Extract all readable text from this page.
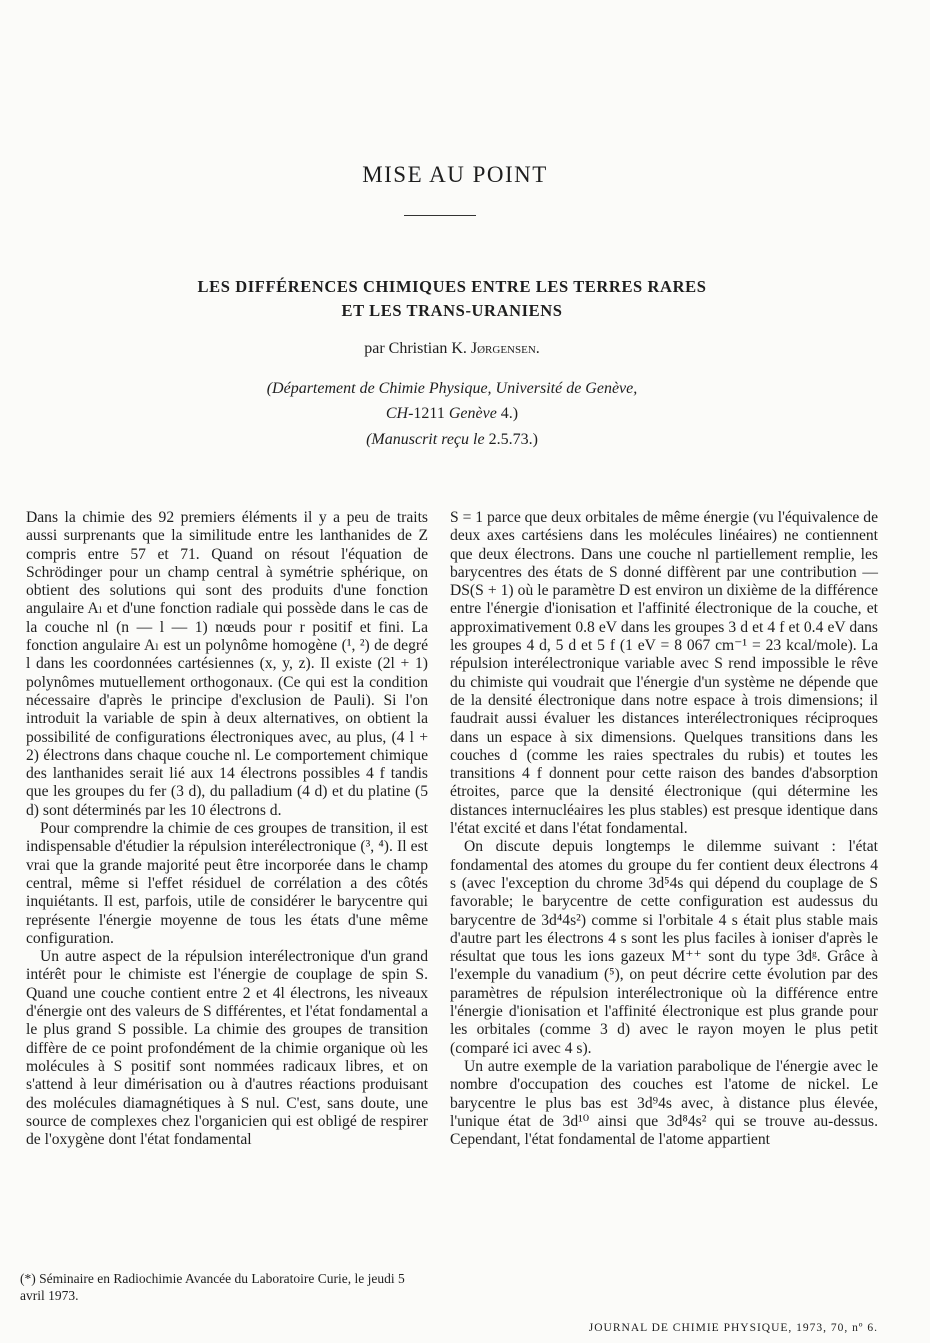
MISE AU POINT
LES DIFFÉRENCES CHIMIQUES ENTRE LES TERRES RARES
ET LES TRANS-URANIENS
par Christian K. Jørgensen.
(Département de Chimie Physique, Université de Genève,
CH-1211 Genève 4.)
(Manuscrit reçu le 2.5.73.)

Dans la chimie des 92 premiers éléments il y a peu de traits aussi surprenants que la similitude entre les lanthanides de Z compris entre 57 et 71. Quand on résout l'équation de Schrödinger pour un champ central à symétrie sphérique, on obtient des solutions qui sont des produits d'une fonction angulaire Aₗ et d'une fonction radiale qui possède dans le cas de la couche nl (n — l — 1) nœuds pour r positif et fini. La fonction angulaire Aₗ est un polynôme homogène (¹, ²) de degré l dans les coordonnées cartésiennes (x, y, z). Il existe (2l + 1) polynômes mutuellement orthogonaux. (Ce qui est la condition nécessaire d'après le principe d'exclusion de Pauli). Si l'on introduit la variable de spin à deux alternatives, on obtient la possibilité de configurations électroniques avec, au plus, (4 l + 2) électrons dans chaque couche nl. Le comportement chimique des lanthanides serait lié aux 14 électrons possibles 4 f tandis que les groupes du fer (3 d), du palladium (4 d) et du platine (5 d) sont déterminés par les 10 électrons d.

Pour comprendre la chimie de ces groupes de transition, il est indispensable d'étudier la répulsion interélectronique (³, ⁴). Il est vrai que la grande majorité peut être incorporée dans le champ central, même si l'effet résiduel de corrélation a des côtés inquiétants. Il est, parfois, utile de considérer le barycentre qui représente l'énergie moyenne de tous les états d'une même configuration.

Un autre aspect de la répulsion interélectronique d'un grand intérêt pour le chimiste est l'énergie de couplage de spin S. Quand une couche contient entre 2 et 4l électrons, les niveaux d'énergie ont des valeurs de S différentes, et l'état fondamental a le plus grand S possible. La chimie des groupes de transition diffère de ce point profondément de la chimie organique où les molécules à S positif sont nommées radicaux libres, et on s'attend à leur dimérisation ou à d'autres réactions produisant des molécules diamagnétiques à S nul. C'est, sans doute, une source de complexes chez l'organicien qui est obligé de respirer de l'oxygène dont l'état fondamental

S = 1 parce que deux orbitales de même énergie (vu l'équivalence de deux axes cartésiens dans les molécules linéaires) ne contiennent que deux électrons. Dans une couche nl partiellement remplie, les barycentres des états de S donné diffèrent par une contribution — DS(S + 1) où le paramètre D est environ un dixième de la différence entre l'énergie d'ionisation et l'affinité électronique de la couche, et approximativement 0.8 eV dans les groupes 3 d et 4 f et 0.4 eV dans les groupes 4 d, 5 d et 5 f (1 eV = 8 067 cm⁻¹ = 23 kcal/mole). La répulsion interélectronique variable avec S rend impossible le rêve du chimiste qui voudrait que l'énergie d'un système ne dépende que de la densité électronique dans notre espace à trois dimensions; il faudrait aussi évaluer les distances interélectroniques réciproques dans un espace à six dimensions. Quelques transitions dans les couches d (comme les raies spectrales du rubis) et toutes les transitions 4 f donnent pour cette raison des bandes d'absorption étroites, parce que la densité électronique (qui détermine les distances internucléaires les plus stables) est presque identique dans l'état excité et dans l'état fondamental.

On discute depuis longtemps le dilemme suivant : l'état fondamental des atomes du groupe du fer contient deux électrons 4 s (avec l'exception du chrome 3d⁵4s qui dépend du couplage de S favorable; le barycentre de cette configuration est audessus du barycentre de 3d⁴4s²) comme si l'orbitale 4 s était plus stable mais d'autre part les électrons 4 s sont les plus faciles à ioniser d'après le résultat que tous les ions gazeux M⁺⁺ sont du type 3dᵍ. Grâce à l'exemple du vanadium (⁵), on peut décrire cette évolution par des paramètres de répulsion interélectronique où la différence entre l'énergie d'ionisation et l'affinité électronique est plus grande pour les orbitales (comme 3 d) avec le rayon moyen le plus petit (comparé ici avec 4 s).

Un autre exemple de la variation parabolique de l'énergie avec le nombre d'occupation des couches est l'atome de nickel. Le barycentre le plus bas est 3d⁹4s avec, à distance plus élevée, l'unique état de 3d¹⁰ ainsi que 3d⁸4s² qui se trouve au-dessus. Cependant, l'état fondamental de l'atome appartient

(*) Séminaire en Radiochimie Avancée du Laboratoire Curie, le jeudi 5 avril 1973.
JOURNAL DE CHIMIE PHYSIQUE, 1973, 70, nº 6.
